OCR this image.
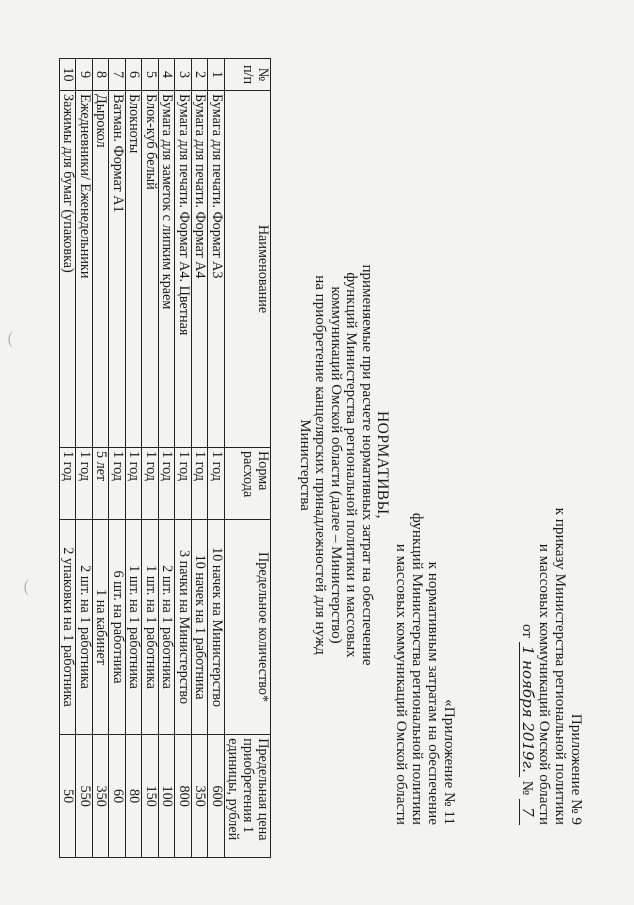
Приложение № 9
к приказу Министерства региональной политики
и массовых коммуникаций Омской области
от 1 ноября 2019г. № 7
«Приложение № 11
к нормативным затратам на обеспечение
функций Министерства региональной политики
и массовых коммуникаций Омской области
НОРМАТИВЫ,
применяемые при расчете нормативных затрат на обеспечение
функций Министерства региональной политики и массовых
коммуникаций Омской области (далее – Министерство)
на приобретение канцелярских принадлежностей для нужд
Министерства
№ п/п	Наименование	Норма расхода	Предельное количество*	Предельная цена приобретения 1 единицы, рублей
1	Бумага для печати. Формат А3	1 год	10 начек на Министерство	600
2	Бумага для печати. Формат А4	1 год	10 начек на 1 работника	350
3	Бумага для печати. Формат А4. Цветная	1 год	3 пачки на Министерство	800
4	Бумага для заметок с липким краем	1 год	2 шт. на 1 работника	100
5	Блок-куб белый	1 год	1 шт. на 1 работника	150
6	Блокноты	1 год	1 шт. на 1 работника	80
7	Ватман. Формат А1	1 год	6 шт. на работника	60
8	Дырокол	5 лет	1 на кабинет	350
9	Ежедневники/ Еженедельники	1 год	2 шт. на 1 работника	550
10	Зажимы для бумаг (упаковка)	1 год	2 упаковки на 1 работника	50
